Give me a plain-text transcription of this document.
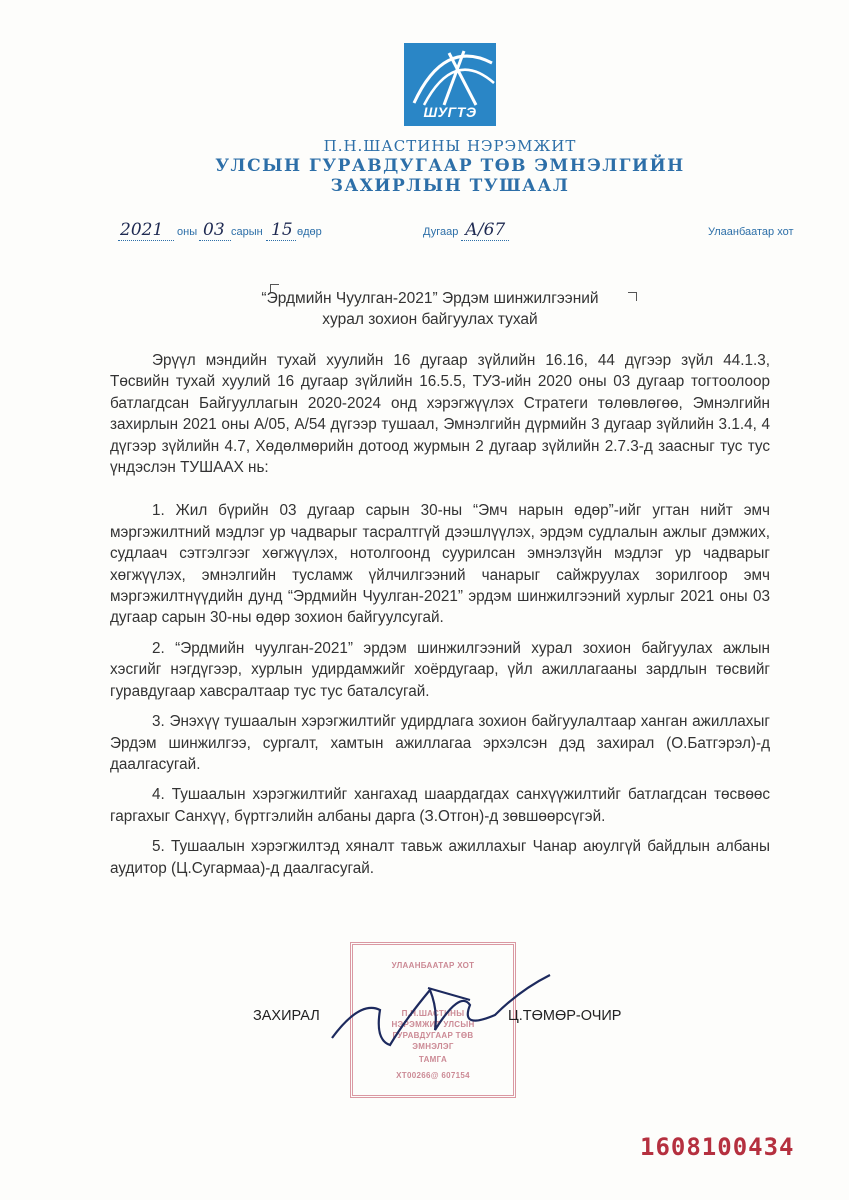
ШУГТЭ
П.Н.ШАСТИНЫ НЭРЭМЖИТ
УЛСЫН ГУРАВДУГААР ТӨВ ЭМНЭЛГИЙН
ЗАХИРЛЫН ТУШААЛ
2021 оны 03 сарын 15 өдөр	Дугаар А/67	Улаанбаатар хот
“Эрдмийн Чуулган-2021” Эрдэм шинжилгээний
хурал зохион байгуулах тухай

Эрүүл мэндийн тухай хуулийн 16 дугаар зүйлийн 16.16, 44 дүгээр зүйл 44.1.3, Төсвийн тухай хуулий 16 дугаар зүйлийн 16.5.5, ТУЗ-ийн 2020 оны 03 дугаар тогтоолоор батлагдсан Байгууллагын 2020-2024 онд хэрэгжүүлэх Стратеги төлөвлөгөө, Эмнэлгийн захирлын 2021 оны А/05, А/54 дүгээр тушаал, Эмнэлгийн дүрмийн 3 дугаар зүйлийн 3.1.4, 4 дүгээр зүйлийн 4.7, Хөдөлмөрийн дотоод журмын 2 дугаар зүйлийн 2.7.3-д заасныг тус тус үндэслэн ТУШААХ нь:

1. Жил бүрийн 03 дугаар сарын 30-ны “Эмч нарын өдөр”-ийг угтан нийт эмч мэргэжилтний мэдлэг ур чадварыг тасралтгүй дээшлүүлэх, эрдэм судлалын ажлыг дэмжих, судлаач сэтгэлгээг хөгжүүлэх, нотолгоонд суурилсан эмнэлзүйн мэдлэг ур чадварыг хөгжүүлэх, эмнэлгийн тусламж үйлчилгээний чанарыг сайжруулах зорилгоор эмч мэргэжилтнүүдийн дунд “Эрдмийн Чуулган-2021” эрдэм шинжилгээний хурлыг 2021 оны 03 дугаар сарын 30-ны өдөр зохион байгуулсугай.

2. “Эрдмийн чуулган-2021” эрдэм шинжилгээний хурал зохион байгуулах ажлын хэсгийг нэгдүгээр, хурлын удирдамжийг хоёрдугаар, үйл ажиллагааны зардлын төсвийг гуравдугаар хавсралтаар тус тус баталсугай.

3. Энэхүү тушаалын хэрэгжилтийг удирдлага зохион байгуулалтаар ханган ажиллахыг Эрдэм шинжилгээ, сургалт, хамтын ажиллагаа эрхэлсэн дэд захирал (О.Батгэрэл)-д даалгасугай.

4. Тушаалын хэрэгжилтийг хангахад шаардагдах санхүүжилтийг батлагдсан төсвөөс гаргахыг Санхүү, бүртгэлийн албаны дарга (З.Отгон)-д зөвшөөрсүгэй.

5. Тушаалын хэрэгжилтэд хяналт тавьж ажиллахыг Чанар аюулгүй байдлын албаны аудитор (Ц.Сугармаа)-д даалгасугай.

УЛААНБААТАР ХОТ
П.Н.ШАСТИНЫ
НЭРЭМЖИТ УЛСЫН
ГУРАВДУГААР ТӨВ
ЭМНЭЛЭГ
ТАМГА
ХТ00266@ 607154
ЗАХИРАЛ	Ц.ТӨМӨР-ОЧИР
1608100434
